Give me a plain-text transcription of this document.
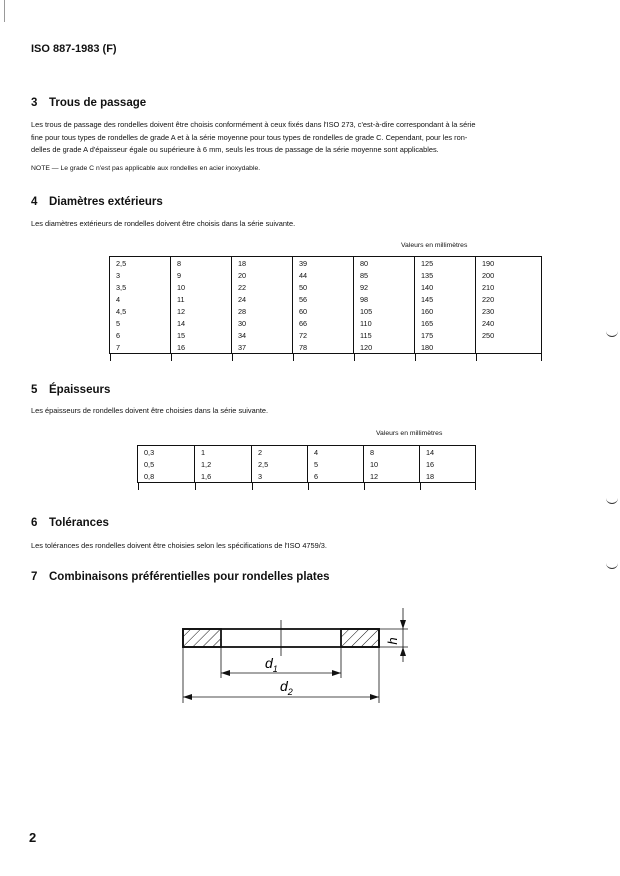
ISO 887-1983 (F)
3 Trous de passage
Les trous de passage des rondelles doivent être choisis conformément à ceux fixés dans l'ISO 273, c'est-à-dire correspondant à la série
fine pour tous types de rondelles de grade A et à la série moyenne pour tous types de rondelles de grade C. Cependant, pour les ron-
delles de grade A d'épaisseur égale ou supérieure à 6 mm, seuls les trous de passage de la série moyenne sont applicables.
NOTE — Le grade C n'est pas applicable aux rondelles en acier inoxydable.
4 Diamètres extérieurs
Les diamètres extérieurs de rondelles doivent être choisis dans la série suivante.
Valeurs en millimètres
2,5	8	18	39	80	125	190
3	9	20	44	85	135	200
3,5	10	22	50	92	140	210
4	11	24	56	98	145	220
4,5	12	28	60	105	160	230
5	14	30	66	110	165	240
6	15	34	72	115	175	250
7	16	37	78	120	180	
5 Épaisseurs
Les épaisseurs de rondelles doivent être choisies dans la série suivante.
Valeurs en millimètres
0,3	1	2	4	8	14
0,5	1,2	2,5	5	10	16
0,8	1,6	3	6	12	18
6 Tolérances
Les tolérances des rondelles doivent être choisies selon les spécifications de l'ISO 4759/3.
7 Combinaisons préférentielles pour rondelles plates
h
$d_1$
$d_2$
2
